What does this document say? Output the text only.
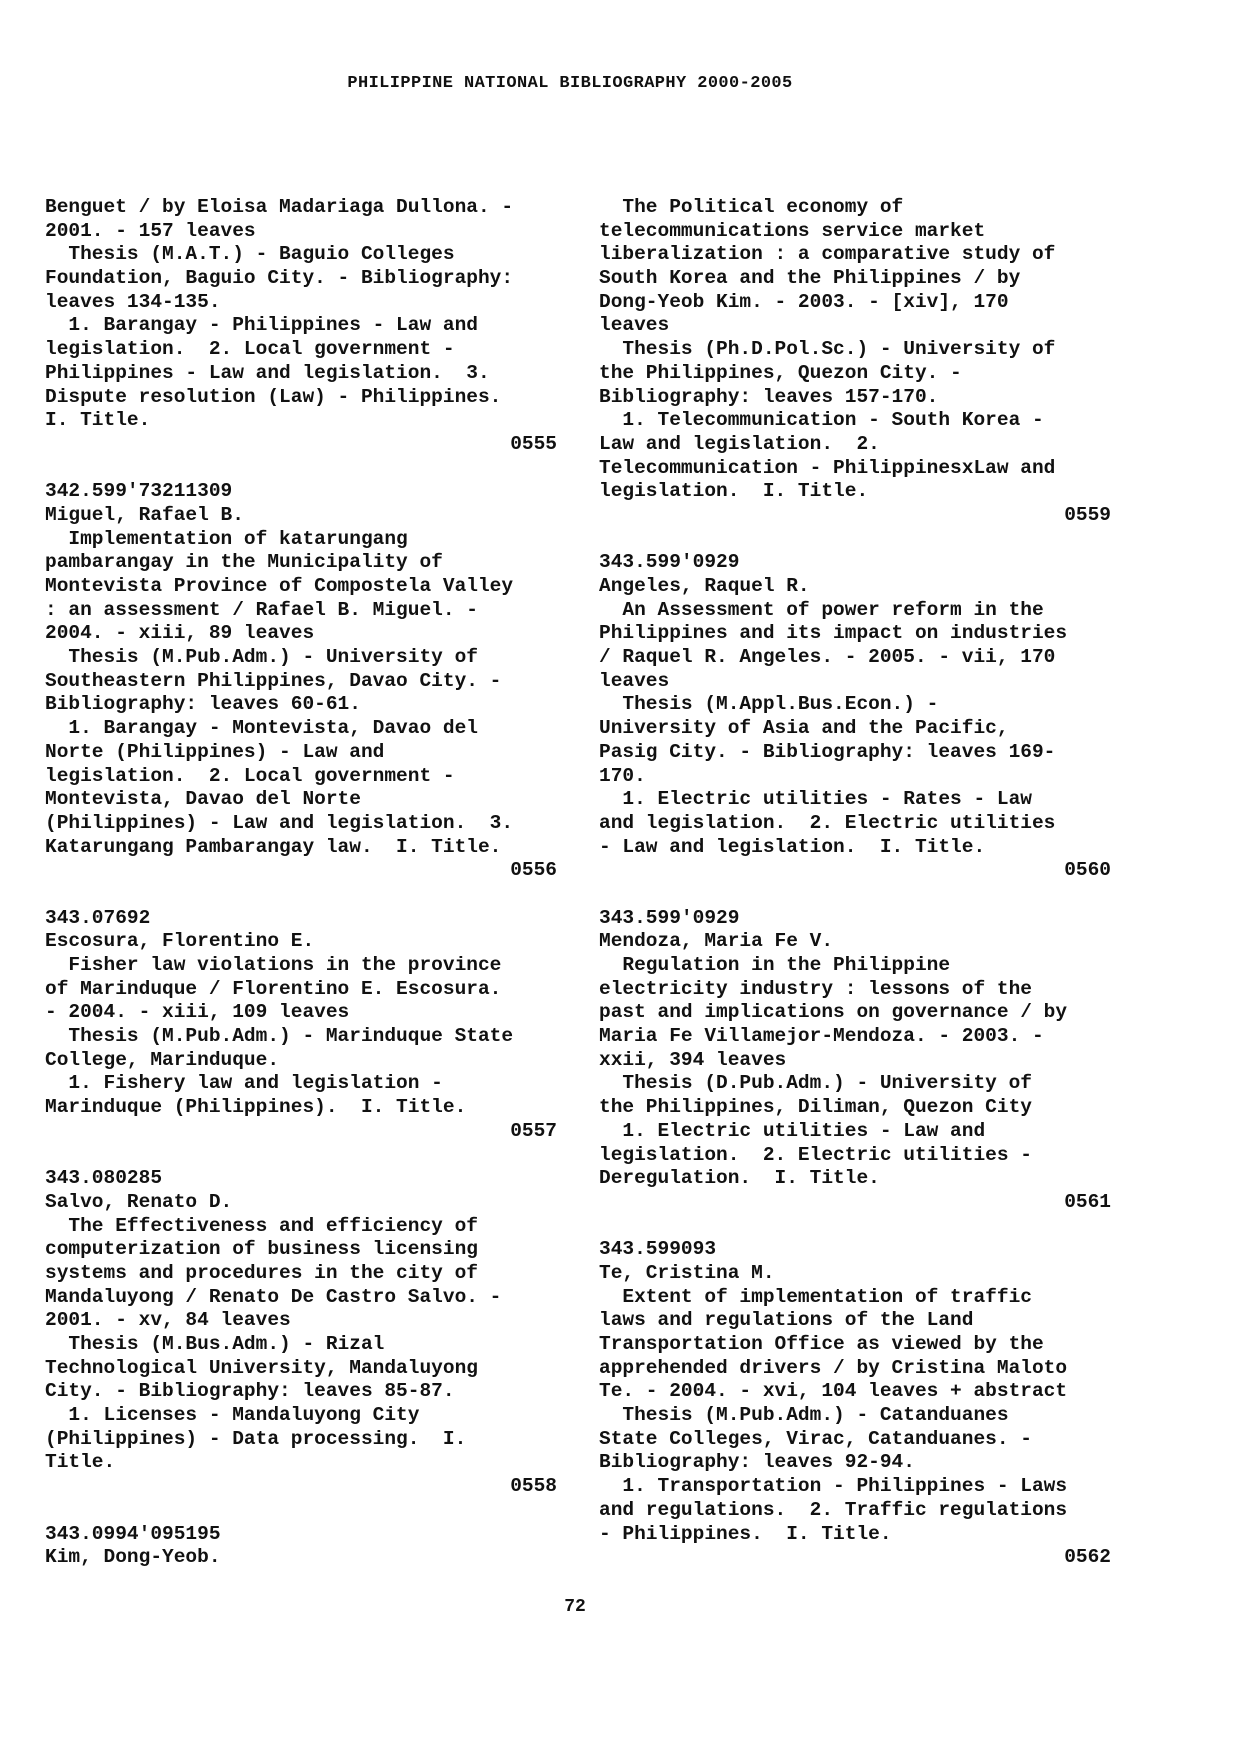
PHILIPPINE NATIONAL BIBLIOGRAPHY 2000-2005
Benguet / by Eloisa Madariaga Dullona. -
2001. - 157 leaves
Thesis (M.A.T.) - Baguio Colleges
Foundation, Baguio City. - Bibliography:
leaves 134-135.
1. Barangay - Philippines - Law and
legislation.  2. Local government -
Philippines - Law and legislation.  3.
Dispute resolution (Law) - Philippines.
I. Title.
0555
342.599'73211309
Miguel, Rafael B.
Implementation of katarungang
pambarangay in the Municipality of
Montevista Province of Compostela Valley
: an assessment / Rafael B. Miguel. -
2004. - xiii, 89 leaves
Thesis (M.Pub.Adm.) - University of
Southeastern Philippines, Davao City. -
Bibliography: leaves 60-61.
1. Barangay - Montevista, Davao del
Norte (Philippines) - Law and
legislation.  2. Local government -
Montevista, Davao del Norte
(Philippines) - Law and legislation.  3.
Katarungang Pambarangay law.  I. Title.
0556
343.07692
Escosura, Florentino E.
Fisher law violations in the province
of Marinduque / Florentino E. Escosura.
- 2004. - xiii, 109 leaves
Thesis (M.Pub.Adm.) - Marinduque State
College, Marinduque.
1. Fishery law and legislation -
Marinduque (Philippines).  I. Title.
0557
343.080285
Salvo, Renato D.
The Effectiveness and efficiency of
computerization of business licensing
systems and procedures in the city of
Mandaluyong / Renato De Castro Salvo. -
2001. - xv, 84 leaves
Thesis (M.Bus.Adm.) - Rizal
Technological University, Mandaluyong
City. - Bibliography: leaves 85-87.
1. Licenses - Mandaluyong City
(Philippines) - Data processing.  I.
Title.
0558
343.0994'095195
Kim, Dong-Yeob.
The Political economy of
telecommunications service market
liberalization : a comparative study of
South Korea and the Philippines / by
Dong-Yeob Kim. - 2003. - [xiv], 170
leaves
Thesis (Ph.D.Pol.Sc.) - University of
the Philippines, Quezon City. -
Bibliography: leaves 157-170.
1. Telecommunication - South Korea -
Law and legislation.  2.
Telecommunication - PhilippinesxLaw and
legislation.  I. Title.
0559
343.599'0929
Angeles, Raquel R.
An Assessment of power reform in the
Philippines and its impact on industries
/ Raquel R. Angeles. - 2005. - vii, 170
leaves
Thesis (M.Appl.Bus.Econ.) -
University of Asia and the Pacific,
Pasig City. - Bibliography: leaves 169-
170.
1. Electric utilities - Rates - Law
and legislation.  2. Electric utilities
- Law and legislation.  I. Title.
0560
343.599'0929
Mendoza, Maria Fe V.
Regulation in the Philippine
electricity industry : lessons of the
past and implications on governance / by
Maria Fe Villamejor-Mendoza. - 2003. -
xxii, 394 leaves
Thesis (D.Pub.Adm.) - University of
the Philippines, Diliman, Quezon City
1. Electric utilities - Law and
legislation.  2. Electric utilities -
Deregulation.  I. Title.
0561
343.599093
Te, Cristina M.
Extent of implementation of traffic
laws and regulations of the Land
Transportation Office as viewed by the
apprehended drivers / by Cristina Maloto
Te. - 2004. - xvi, 104 leaves + abstract
Thesis (M.Pub.Adm.) - Catanduanes
State Colleges, Virac, Catanduanes. -
Bibliography: leaves 92-94.
1. Transportation - Philippines - Laws
and regulations.  2. Traffic regulations
- Philippines.  I. Title.
0562
72
